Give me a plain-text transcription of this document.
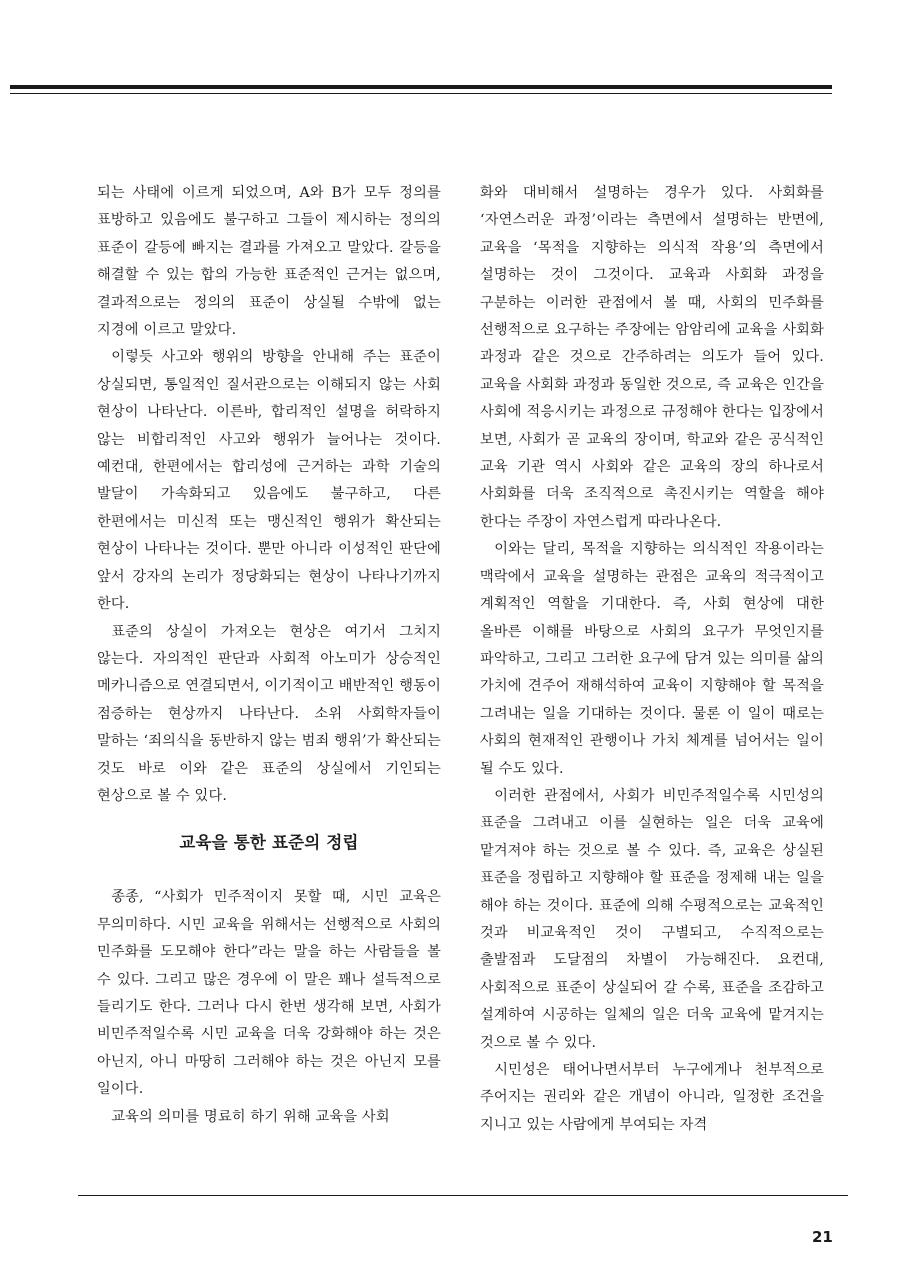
되는 사태에 이르게 되었으며, A와 B가 모두 정의를 표방하고 있음에도 불구하고 그들이 제시하는 정의의 표준이 갈등에 빠지는 결과를 가져오고 말았다. 갈등을 해결할 수 있는 합의 가능한 표준적인 근거는 없으며, 결과적으로는 정의의 표준이 상실될 수밖에 없는 지경에 이르고 말았다.

이렇듯 사고와 행위의 방향을 안내해 주는 표준이 상실되면, 통일적인 질서관으로는 이해되지 않는 사회 현상이 나타난다. 이른바, 합리적인 설명을 허락하지 않는 비합리적인 사고와 행위가 늘어나는 것이다. 예컨대, 한편에서는 합리성에 근거하는 과학 기술의 발달이 가속화되고 있음에도 불구하고, 다른 한편에서는 미신적 또는 맹신적인 행위가 확산되는 현상이 나타나는 것이다. 뿐만 아니라 이성적인 판단에 앞서 강자의 논리가 정당화되는 현상이 나타나기까지 한다.

표준의 상실이 가져오는 현상은 여기서 그치지 않는다. 자의적인 판단과 사회적 아노미가 상승적인 메카니즘으로 연결되면서, 이기적이고 배반적인 행동이 점증하는 현상까지 나타난다. 소위 사회학자들이 말하는 ‘죄의식을 동반하지 않는 범죄 행위’가 확산되는 것도 바로 이와 같은 표준의 상실에서 기인되는 현상으로 볼 수 있다.

교육을 통한 표준의 정립

종종, “사회가 민주적이지 못할 때, 시민 교육은 무의미하다. 시민 교육을 위해서는 선행적으로 사회의 민주화를 도모해야 한다”라는 말을 하는 사람들을 볼 수 있다. 그리고 많은 경우에 이 말은 꽤나 설득적으로 들리기도 한다. 그러나 다시 한번 생각해 보면, 사회가 비민주적일수록 시민 교육을 더욱 강화해야 하는 것은 아닌지, 아니 마땅히 그러해야 하는 것은 아닌지 모를 일이다.

교육의 의미를 명료히 하기 위해 교육을 사회

화와 대비해서 설명하는 경우가 있다. 사회화를 ‘자연스러운 과정’이라는 측면에서 설명하는 반면에, 교육을 ‘목적을 지향하는 의식적 작용’의 측면에서 설명하는 것이 그것이다. 교육과 사회화 과정을 구분하는 이러한 관점에서 볼 때, 사회의 민주화를 선행적으로 요구하는 주장에는 암암리에 교육을 사회화 과정과 같은 것으로 간주하려는 의도가 들어 있다. 교육을 사회화 과정과 동일한 것으로, 즉 교육은 인간을 사회에 적응시키는 과정으로 규정해야 한다는 입장에서 보면, 사회가 곧 교육의 장이며, 학교와 같은 공식적인 교육 기관 역시 사회와 같은 교육의 장의 하나로서 사회화를 더욱 조직적으로 촉진시키는 역할을 해야 한다는 주장이 자연스럽게 따라나온다.

이와는 달리, 목적을 지향하는 의식적인 작용이라는 맥락에서 교육을 설명하는 관점은 교육의 적극적이고 계획적인 역할을 기대한다. 즉, 사회 현상에 대한 올바른 이해를 바탕으로 사회의 요구가 무엇인지를 파악하고, 그리고 그러한 요구에 담겨 있는 의미를 삶의 가치에 견주어 재해석하여 교육이 지향해야 할 목적을 그려내는 일을 기대하는 것이다. 물론 이 일이 때로는 사회의 현재적인 관행이나 가치 체계를 넘어서는 일이 될 수도 있다.

이러한 관점에서, 사회가 비민주적일수록 시민성의 표준을 그려내고 이를 실현하는 일은 더욱 교육에 맡겨져야 하는 것으로 볼 수 있다. 즉, 교육은 상실된 표준을 정립하고 지향해야 할 표준을 정제해 내는 일을 해야 하는 것이다. 표준에 의해 수평적으로는 교육적인 것과 비교육적인 것이 구별되고, 수직적으로는 출발점과 도달점의 차별이 가능해진다. 요컨대, 사회적으로 표준이 상실되어 갈 수록, 표준을 조감하고 설계하여 시공하는 일체의 일은 더욱 교육에 맡겨지는 것으로 볼 수 있다.

시민성은 태어나면서부터 누구에게나 천부적으로 주어지는 권리와 같은 개념이 아니라, 일정한 조건을 지니고 있는 사람에게 부여되는 자격

21
